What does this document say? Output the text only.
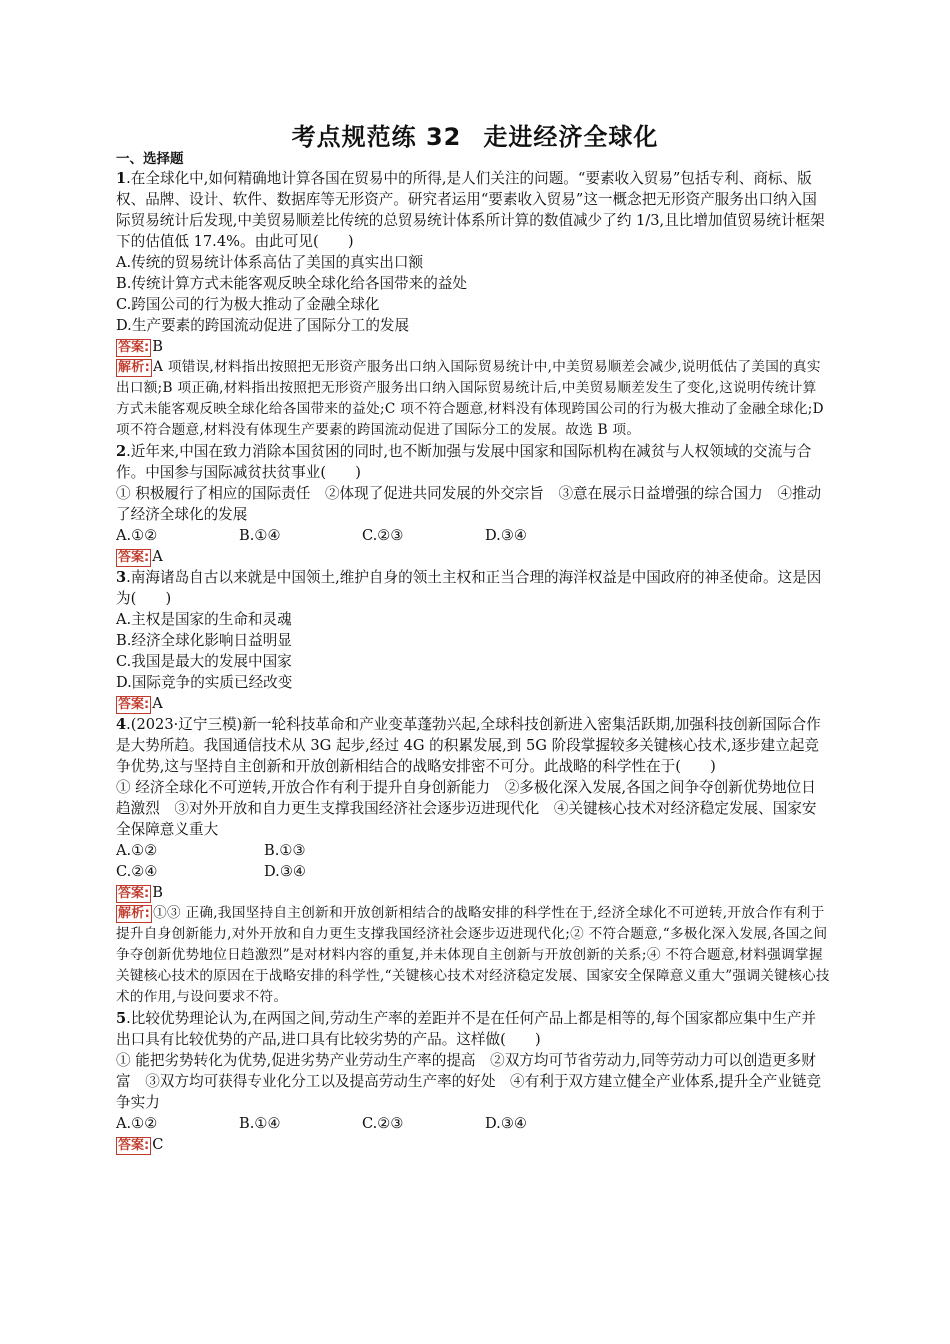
考点规范练 32 走进经济全球化
一、选择题

1.在全球化中,如何精确地计算各国在贸易中的所得,是人们关注的问题。“要素收入贸易”包括专利、商标、版权、品牌、设计、软件、数据库等无形资产。研究者运用“要素收入贸易”这一概念把无形资产服务出口纳入国际贸易统计后发现,中美贸易顺差比传统的总贸易统计体系所计算的数值减少了约 1/3,且比增加值贸易统计框架下的估值低 17.4%。由此可见(　　)

A.传统的贸易统计体系高估了美国的真实出口额

B.传统计算方式未能客观反映全球化给各国带来的益处

C.跨国公司的行为极大推动了金融全球化

D.生产要素的跨国流动促进了国际分工的发展

答案: B

解析: A 项错误,材料指出按照把无形资产服务出口纳入国际贸易统计中,中美贸易顺差会减少,说明低估了美国的真实出口额;B 项正确,材料指出按照把无形资产服务出口纳入国际贸易统计后,中美贸易顺差发生了变化,这说明传统计算方式未能客观反映全球化给各国带来的益处;C 项不符合题意,材料没有体现跨国公司的行为极大推动了金融全球化;D 项不符合题意,材料没有体现生产要素的跨国流动促进了国际分工的发展。故选 B 项。

2.近年来,中国在致力消除本国贫困的同时,也不断加强与发展中国家和国际机构在减贫与人权领域的交流与合作。中国参与国际减贫扶贫事业(　　)

① 积极履行了相应的国际责任　②体现了促进共同发展的外交宗旨　③意在展示日益增强的综合国力　④推动了经济全球化的发展

A.①②	B.①④	C.②③	D.③④

答案: A

3.南海诸岛自古以来就是中国领土,维护自身的领土主权和正当合理的海洋权益是中国政府的神圣使命。这是因为(　　)

A.主权是国家的生命和灵魂

B.经济全球化影响日益明显

C.我国是最大的发展中国家

D.国际竞争的实质已经改变

答案: A

4.(2023·辽宁三模)新一轮科技革命和产业变革蓬勃兴起,全球科技创新进入密集活跃期,加强科技创新国际合作是大势所趋。我国通信技术从 3G 起步,经过 4G 的积累发展,到 5G 阶段掌握较多关键核心技术,逐步建立起竞争优势,这与坚持自主创新和开放创新相结合的战略安排密不可分。此战略的科学性在于(　　)

① 经济全球化不可逆转,开放合作有利于提升自身创新能力　②多极化深入发展,各国之间争夺创新优势地位日趋激烈　③对外开放和自力更生支撑我国经济社会逐步迈进现代化　④关键核心技术对经济稳定发展、国家安全保障意义重大

A.①②	B.①③

C.②④	D.③④

答案: B

解析: ①③ 正确,我国坚持自主创新和开放创新相结合的战略安排的科学性在于,经济全球化不可逆转,开放合作有利于提升自身创新能力,对外开放和自力更生支撑我国经济社会逐步迈进现代化;② 不符合题意,“多极化深入发展,各国之间争夺创新优势地位日趋激烈”是对材料内容的重复,并未体现自主创新与开放创新的关系;④ 不符合题意,材料强调掌握关键核心技术的原因在于战略安排的科学性,“关键核心技术对经济稳定发展、国家安全保障意义重大”强调关键核心技术的作用,与设问要求不符。

5.比较优势理论认为,在两国之间,劳动生产率的差距并不是在任何产品上都是相等的,每个国家都应集中生产并出口具有比较优势的产品,进口具有比较劣势的产品。这样做(　　)

① 能把劣势转化为优势,促进劣势产业劳动生产率的提高　②双方均可节省劳动力,同等劳动力可以创造更多财富　③双方均可获得专业化分工以及提高劳动生产率的好处　④有利于双方建立健全产业体系,提升全产业链竞争实力

A.①②	B.①④	C.②③	D.③④

答案: C
